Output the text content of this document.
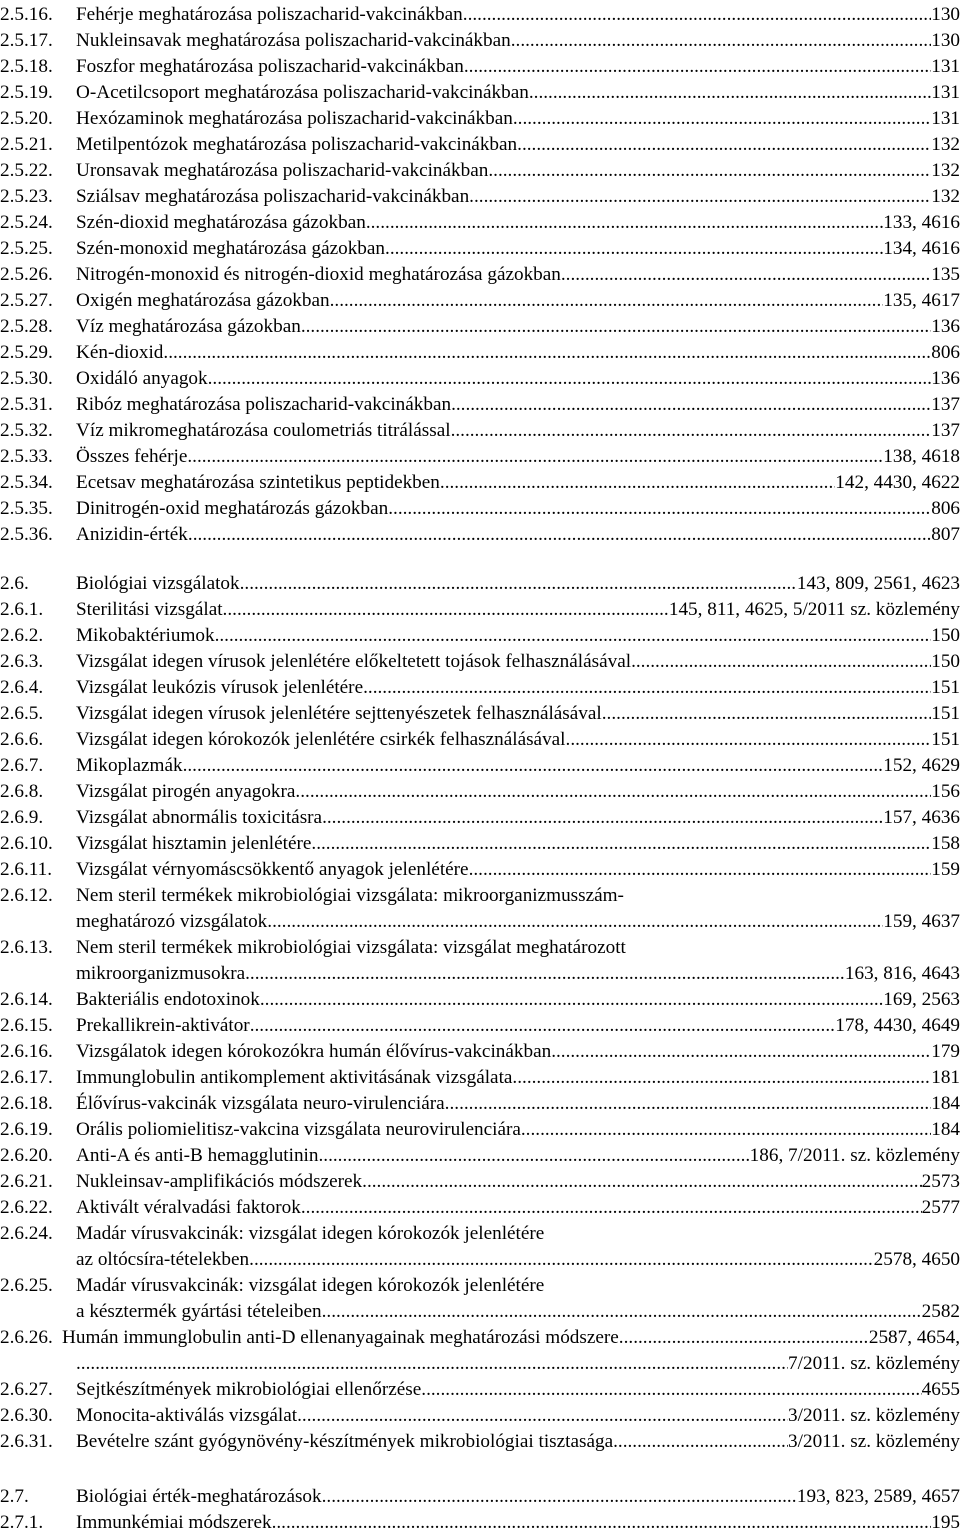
2.5.16. Fehérje meghatározása poliszacharid-vakcinákban .....	130
2.5.17. Nukleinsavak meghatározása poliszacharid-vakcinákban .....	130
2.5.18. Foszfor meghatározása poliszacharid-vakcinákban .....	131
2.5.19. O-Acetilcsoport meghatározása poliszacharid-vakcinákban .....	131
2.5.20. Hexózaminok meghatározása poliszacharid-vakcinákban .....	131
2.5.21. Metilpentózok meghatározása poliszacharid-vakcinákban .....	132
2.5.22. Uronsavak meghatározása poliszacharid-vakcinákban .....	132
2.5.23. Sziálsav meghatározása poliszacharid-vakcinákban .....	132
2.5.24. Szén-dioxid meghatározása gázokban .....	133, 4616
2.5.25. Szén-monoxid meghatározása gázokban .....	134, 4616
2.5.26. Nitrogén-monoxid és nitrogén-dioxid meghatározása gázokban .....	135
2.5.27. Oxigén meghatározása gázokban .....	135, 4617
2.5.28. Víz meghatározása gázokban .....	136
2.5.29. Kén-dioxid .....	806
2.5.30. Oxidáló anyagok .....	136
2.5.31. Ribóz meghatározása poliszacharid-vakcinákban .....	137
2.5.32. Víz mikromeghatározása coulometriás titrálással .....	137
2.5.33. Összes fehérje .....	138, 4618
2.5.34. Ecetsav meghatározása szintetikus peptidekben .....	142, 4430, 4622
2.5.35. Dinitrogén-oxid meghatározás gázokban .....	806
2.5.36. Anizidin-érték .....	807
2.6. Biológiai vizsgálatok .....	143, 809, 2561, 4623
2.6.1. Sterilitási vizsgálat .....	145, 811, 4625, 5/2011 sz. közlemény
2.6.2. Mikobaktériumok .....	150
2.6.3. Vizsgálat idegen vírusok jelenlétére előkeltetett tojások felhasználásával .....	150
2.6.4. Vizsgálat leukózis vírusok jelenlétére .....	151
2.6.5. Vizsgálat idegen vírusok jelenlétére sejttenyészetek felhasználásával .....	151
2.6.6. Vizsgálat idegen kórokozók jelenlétére csirkék felhasználásával .....	151
2.6.7. Mikoplazmák .....	152, 4629
2.6.8. Vizsgálat pirogén anyagokra .....	156
2.6.9. Vizsgálat abnormális toxicitásra .....	157, 4636
2.6.10. Vizsgálat hisztamin jelenlétére .....	158
2.6.11. Vizsgálat vérnyomáscsökkentő anyagok jelenlétére .....	159
2.6.12. Nem steril termékek mikrobiológiai vizsgálata: mikroorganizmusszám-
meghatározó vizsgálatok .....	159, 4637
2.6.13. Nem steril termékek mikrobiológiai vizsgálata: vizsgálat meghatározott
mikroorganizmusokra .....	163, 816, 4643
2.6.14. Bakteriális endotoxinok .....	169, 2563
2.6.15. Prekallikrein-aktivátor .....	178, 4430, 4649
2.6.16. Vizsgálatok idegen kórokozókra humán élővírus-vakcinákban .....	179
2.6.17. Immunglobulin antikomplement aktivitásának vizsgálata .....	181
2.6.18. Élővírus-vakcinák vizsgálata neuro-virulenciára .....	184
2.6.19. Orális poliomielitisz-vakcina vizsgálata neurovirulenciára .....	184
2.6.20. Anti-A és anti-B hemagglutinin .....	186, 7/2011. sz. közlemény
2.6.21. Nukleinsav-amplifikációs módszerek .....	2573
2.6.22. Aktivált véralvadási faktorok .....	2577
2.6.24. Madár vírusvakcinák: vizsgálat idegen kórokozók jelenlétére
az oltócsíra-tételekben .....	2578, 4650
2.6.25. Madár vírusvakcinák: vizsgálat idegen kórokozók jelenlétére
a késztermék gyártási tételeiben .....	2582
2.6.26. Humán immunglobulin anti-D ellenanyagainak meghatározási módszere .....	2587, 4654,
.... .....	7/2011. sz. közlemény
2.6.27. Sejtkészítmények mikrobiológiai ellenőrzése .....	4655
2.6.30. Monocita-aktiválás vizsgálat .....	3/2011. sz. közlemény
2.6.31. Bevételre szánt gyógynövény-készítmények mikrobiológiai tisztasága .....	3/2011. sz. közlemény
2.7. Biológiai érték-meghatározások .....	193, 823, 2589, 4657
2.7.1. Immunkémiai módszerek .....	195
